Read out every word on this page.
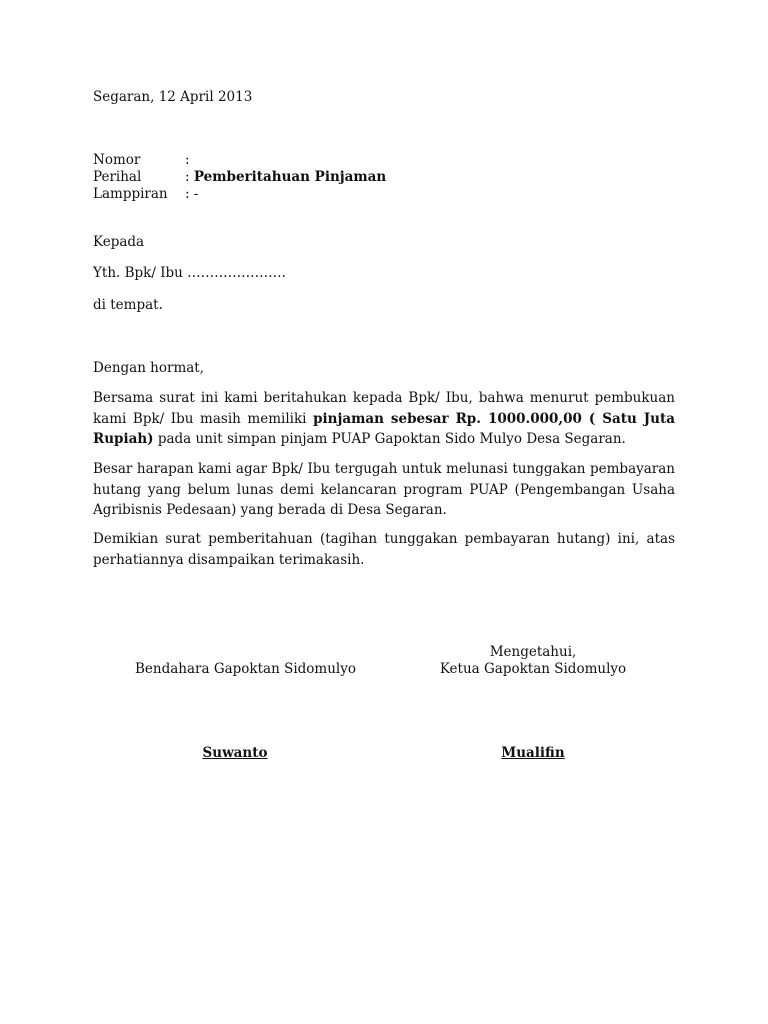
Segaran, 12 April 2013
Nomor	:
Perihal	: Pemberitahuan Pinjaman
Lamppiran	: -
Kepada
Yth. Bpk/ Ibu ………………….
di tempat.
Dengan hormat,
Bersama surat ini kami beritahukan kepada Bpk/ Ibu, bahwa menurut pembukuan kami Bpk/ Ibu masih memiliki pinjaman sebesar Rp. 1000.000,00 ( Satu Juta Rupiah) pada unit simpan pinjam PUAP Gapoktan Sido Mulyo Desa Segaran.
Besar harapan kami agar Bpk/ Ibu tergugah untuk melunasi tunggakan pembayaran hutang yang belum lunas demi kelancaran program PUAP (Pengembangan Usaha Agribisnis Pedesaan) yang berada di Desa Segaran.
Demikian surat pemberitahuan (tagihan tunggakan pembayaran hutang) ini, atas perhatiannya disampaikan terimakasih.
Bendahara Gapoktan Sidomulyo
Suwanto
Mengetahui,
Ketua Gapoktan Sidomulyo
Mualifin
